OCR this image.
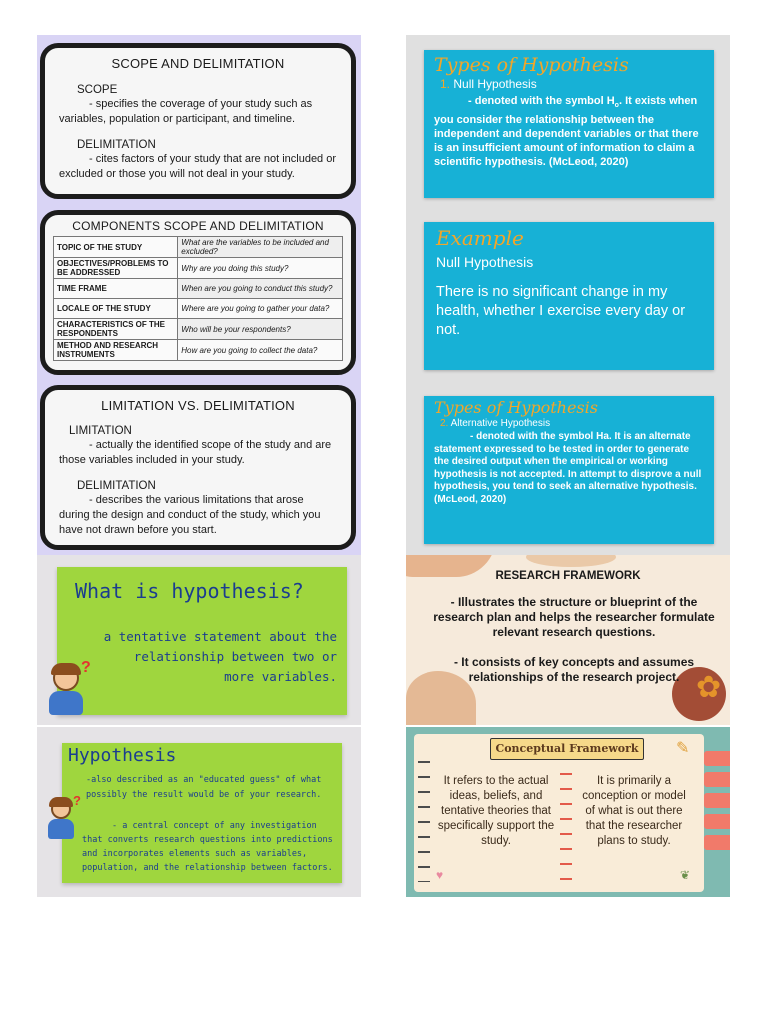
SCOPE AND DELIMITATION
SCOPE
- specifies the coverage of your study such as variables, population or participant, and timeline.
DELIMITATION
- cites factors of your study that are not included or excluded or those you will not deal in your study.
COMPONENTS SCOPE AND DELIMITATION
TOPIC OF THE STUDY	What are the variables to be included and excluded?
OBJECTIVES/PROBLEMS TO BE ADDRESSED	Why are you doing this study?
TIME FRAME	When are you going to conduct this study?
LOCALE OF THE STUDY	Where are you going to gather your data?
CHARACTERISTICS OF THE RESPONDENTS	Who will be your respondents?
METHOD AND RESEARCH INSTRUMENTS	How are you going to collect the data?
LIMITATION VS. DELIMITATION
LIMITATION
- actually the identified scope of the study and are those variables included in your study.
DELIMITATION
- describes the various limitations that arose during the design and conduct of the study, which you have not drawn before you start.
What is hypothesis?
a tentative statement about the relationship between two or more variables.
?
Hypothesis
-also described as an "educated guess" of what possibly the result would be of your research.
- a central concept of any investigation that converts research questions into predictions and incorporates elements such as variables, population, and the relationship between factors.
?
Types of Hypothesis
1. Null Hypothesis
- denoted with the symbol $H_o$. It exists when you consider the relationship between the independent and dependent variables or that there is an insufficient amount of information to claim a scientific hypothesis. (McLeod, 2020)
Example
Null Hypothesis
There is no significant change in my health, whether I exercise every day or not.
Types of Hypothesis
2. Alternative Hypothesis
- denoted with the symbol Ha. It is an alternate statement expressed to be tested in order to generate the desired output when the empirical or working hypothesis is not accepted. In attempt to disprove a null hypothesis, you tend to seek an alternative hypothesis. (McLeod, 2020)
✿
RESEARCH FRAMEWORK
- Illustrates the structure or blueprint of the research plan and helps the researcher formulate relevant research questions.
- It consists of key concepts and assumes relationships of the research project.
Conceptual Framework
It refers to the actual ideas, beliefs, and tentative theories that specifically support the study.
It is primarily a conception or model of what is out there that the researcher plans to study.
✎
♥	❦
